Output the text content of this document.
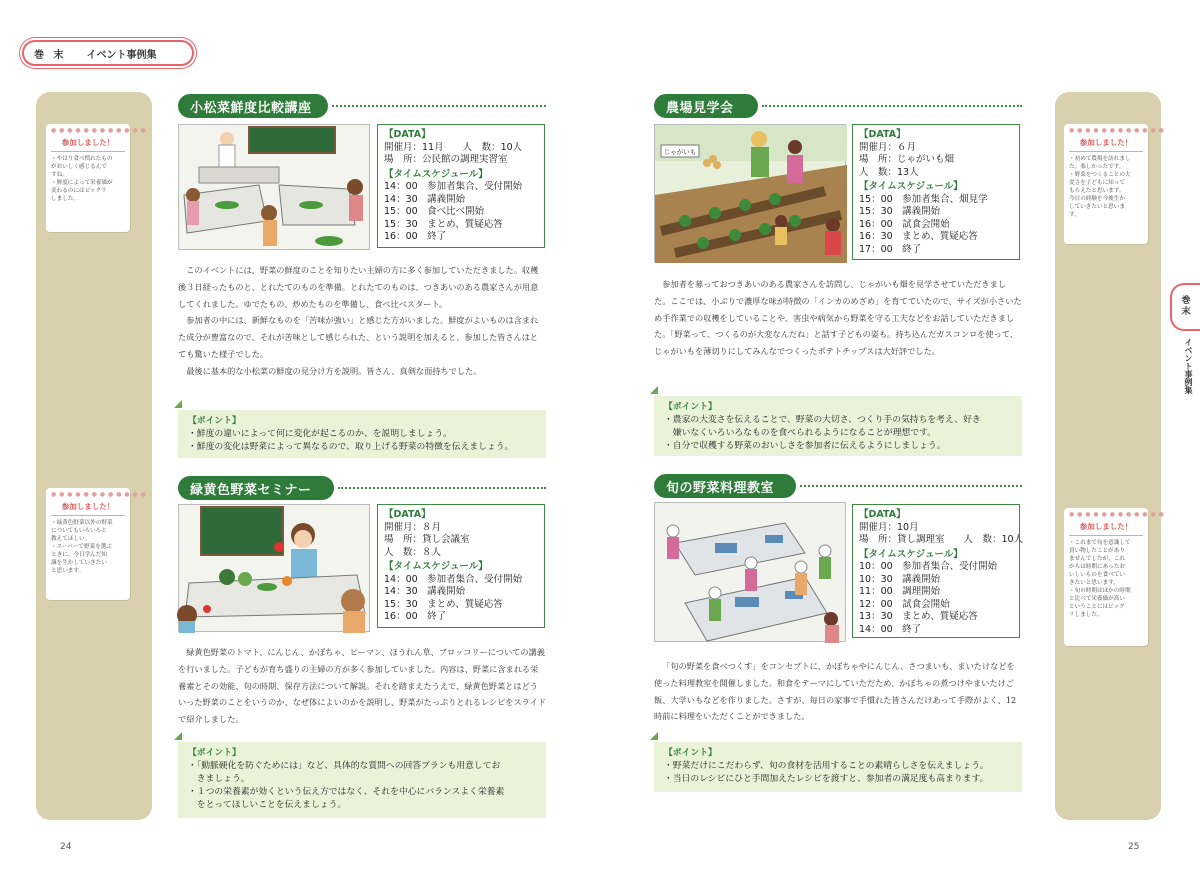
巻 末 イベント事例集
● ● ● ● ● ● ● ● ● ● ● ●
参加しました！
・やはり食べ慣れたもの
がおいしく感じるんで
すね。
・鮮度によって栄養価が
変わるのにはビックリ
しました。
● ● ● ● ● ● ● ● ● ● ● ●
参加しました！
・緑黄色野菜以外の野菜
についてもいろいろと
教えてほしい。
・スーパーで野菜を選ぶ
ときに、今日学んだ知
識を生かしていきたい
と思います。
● ● ● ● ● ● ● ● ● ● ● ●
参加しました！
・初めて農場を訪れまし
た。楽しかったです。
・野菜をつくることの大
変さを子どもに知って
もらえたと思います。
今日の経験を今後生か
していきたいと思いま
す。
● ● ● ● ● ● ● ● ● ● ● ●
参加しました！
・これまで旬を意識して
買い物したことがあり
ませんでしたが、これ
からは時期にあったお
いしいものを食べてい
きたいと思います。
・旬の時期はほかの時期
と比べて栄養価が高い
ということにはビック
リしました。
巻
末
イベント事例集
小松菜鮮度比較講座
【DATA】
開催月：11月　　人　数：10人
場　所：公民館の調理実習室
【タイムスケジュール】
14：00　参加者集合、受付開始
14：30　講義開始
15：00　食べ比べ開始
15：30　まとめ、質疑応答
16：00　終了

このイベントには、野菜の鮮度のことを知りたい主婦の方に多く参加していただきました。収穫後３日経ったものと、とれたてのものを準備。とれたてのものは、つきあいのある農家さんが用意してくれました。ゆでたもの、炒めたものを準備し、食べ比べスタート。

参加者の中には、新鮮なものを「苦味が強い」と感じた方がいました。鮮度がよいものは含まれた成分が豊富なので、それが苦味として感じられた、という説明を加えると、参加した皆さんはとても驚いた様子でした。

最後に基本的な小松菜の鮮度の見分け方を説明。皆さん、真剣な面持ちでした。

【ポイント】
・鮮度の違いによって何に変化が起こるのか、を説明しましょう。
・鮮度の変化は野菜によって異なるので、取り上げる野菜の特徴を伝えましょう。
緑黄色野菜セミナー
【DATA】
開催月：８月
場　所：貸し会議室
人　数：８人
【タイムスケジュール】
14：00　参加者集合、受付開始
14：30　講義開始
15：30　まとめ、質疑応答
16：00　終了

緑黄色野菜のトマト、にんじん、かぼちゃ、ピーマン、ほうれん草、ブロッコリーについての講義を行いました。子どもが育ち盛りの主婦の方が多く参加していました。内容は、野菜に含まれる栄養素とその効能、旬の時期、保存方法について解説。それを踏まえたうえで、緑黄色野菜とはどういった野菜のことをいうのか、なぜ体によいのかを説明し、野菜がたっぷりとれるレシピをスライドで紹介しました。

【ポイント】
・「動脈硬化を防ぐためには」など、具体的な質問への回答プランも用意してお
　きましょう。
・１つの栄養素が効くという伝え方ではなく、それを中心にバランスよく栄養素
　をとってほしいことを伝えましょう。
農場見学会
じゃがいも
【DATA】
開催月：６月
場　所：じゃがいも畑
人　数：13人
【タイムスケジュール】
15：00　参加者集合、畑見学
15：30　講義開始
16：00　試食会開始
16：30　まとめ、質疑応答
17：00　終了

参加者を募っておつきあいのある農家さんを訪問し、じゃがいも畑を見学させていただきました。ここでは、小ぶりで濃厚な味が特徴の「インカのめざめ」を育てていたので、サイズが小さいため手作業での収穫をしていることや、害虫や病気から野菜を守る工夫などをお話していただきました。「野菜って、つくるのが大変なんだね」と話す子どもの姿も。持ち込んだガスコンロを使って、じゃがいもを薄切りにしてみんなでつくったポテトチップスは大好評でした。

【ポイント】
・農家の大変さを伝えることで、野菜の大切さ、つくり手の気持ちを考え、好き
　嫌いなくいろいろなものを食べられるようになることが理想です。
・自分で収穫する野菜のおいしさを参加者に伝えるようにしましょう。
旬の野菜料理教室
【DATA】
開催月：10月
場　所：貸し調理室　　人　数：10人
【タイムスケジュール】
10：00　参加者集合、受付開始
10：30　講義開始
11：00　調理開始
12：00　試食会開始
13：30　まとめ、質疑応答
14：00　終了

「旬の野菜を食べつくす」をコンセプトに、かぼちゃやにんじん、さつまいも、まいたけなどを使った料理教室を開催しました。和食をテーマにしていただため、かぼちゃの煮つけやまいたけご飯、大学いもなどを作りました。さすが、毎日の家事で手慣れた皆さんだけあって手際がよく、12時前に料理をいただくことができました。

【ポイント】
・野菜だけにこだわらず、旬の食材を活用することの素晴らしさを伝えましょう。
・当日のレシピにひと手間加えたレシピを渡すと、参加者の満足度も高まります。
24	25
